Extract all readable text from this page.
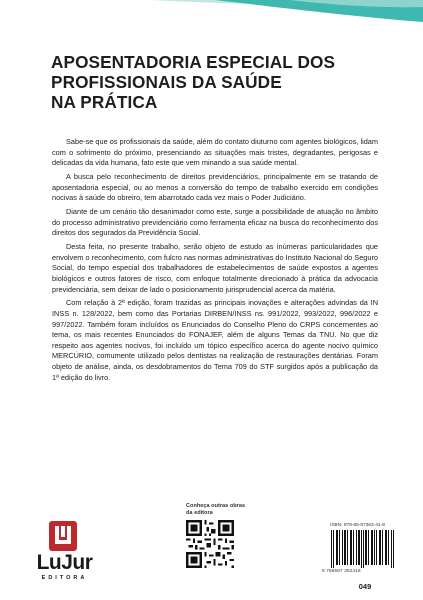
APOSENTADORIA ESPECIAL DOS
PROFISSIONAIS DA SAÚDE
NA PRÁTICA

Sabe-se que os profissionais da saúde, além do contato diuturno com agentes biológicos, lidam com o sofrimento do próximo, presenciando as situações mais tristes, degradantes, perigosas e delicadas da vida humana, fato este que vem minando a sua saúde mental.

A busca pelo reconhecimento de direitos previdenciários, principalmente em se tratando de aposentadoria especial, ou ao menos a conversão do tempo de trabalho exercido em condições nocivas à saúde do obreiro, tem abarrotado cada vez mais o Poder Judiciário.

Diante de um cenário tão desanimador como este, surge a possibilidade de atuação no âmbito do processo administrativo previdenciário como ferramenta eficaz na busca do reconhecimento dos direitos dos segurados da Previdência Social.

Desta feita, no presente trabalho, serão objeto de estudo as inúmeras particularidades que envolvem o reconhecimento, com fulcro nas normas administrativas do Instituto Nacional do Seguro Social, do tempo especial dos trabalhadores de estabelecimentos de saúde expostos a agentes biológicos e outros fatores de risco, com enfoque totalmente direcionado à prática da advocacia previdenciária, sem deixar de lado o posicionamento jurisprudencial acerca da matéria.

Com relação à 2ª edição, foram trazidas as principais inovações e alterações advindas da IN INSS n. 128/2022, bem como das Portarias DIRBEN/INSS ns. 991/2022, 993/2022, 996/2022 e 997/2022. Também foram incluídos os Enunciados do Conselho Pleno do CRPS concernentes ao tema, os mais recentes Enunciados do FONAJEF, além de alguns Temas da TNU. No que diz respeito aos agentes nocivos, foi incluído um tópico específico acerca do agente nocivo químico MERCÚRIO, comumente utilizado pelos dentistas na realização de restaurações dentárias. Foram objeto de análise, ainda, os desdobramentos do Tema 709 do STF surgidos após a publicação da 1ª edição do livro.

LuJur
EDITORA
Conheça outras obras da editora
ISBN: 978-65-87362-41-8
9 786587 362418
049
